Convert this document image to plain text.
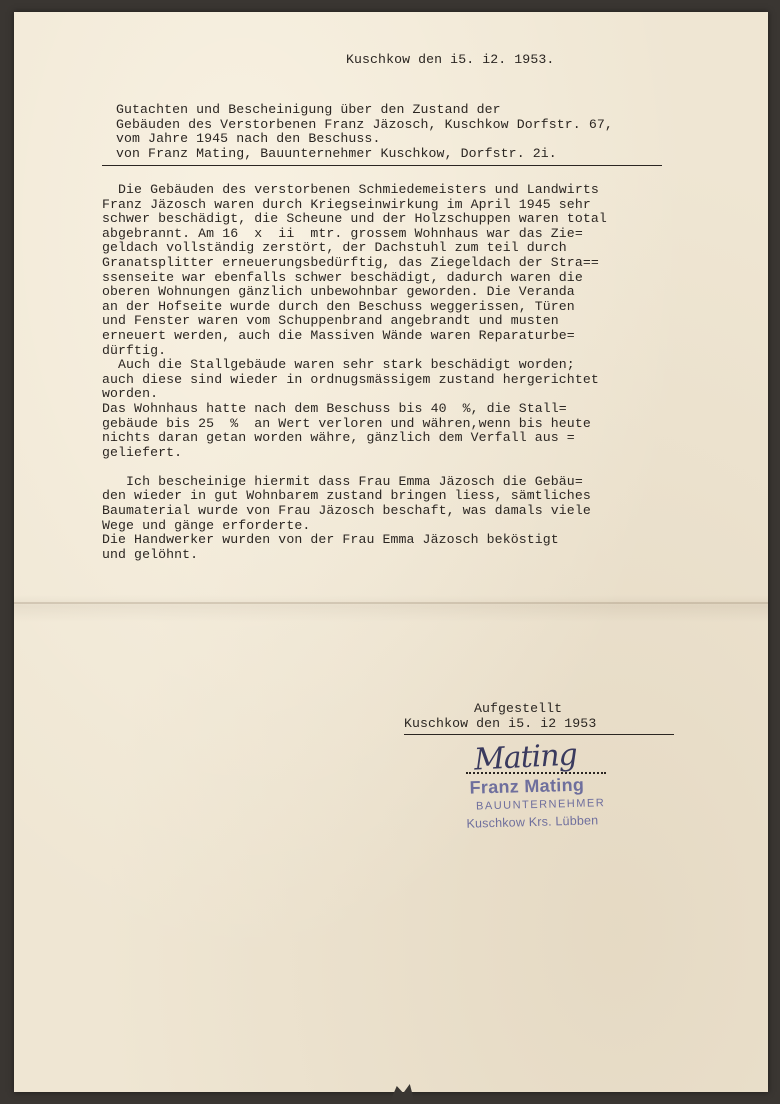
Kuschkow den i5. i2. 1953.

Gutachten und Bescheinigung über den Zustand der
Gebäuden des Verstorbenen Franz Jäzosch, Kuschkow Dorfstr. 67,
vom Jahre 1945 nach den Beschuss.

von Franz Mating, Bauunternehmer Kuschkow, Dorfstr. 2i.

Die Gebäuden des verstorbenen Schmiedemeisters und Landwirts
Franz Jäzosch waren durch Kriegseinwirkung im April 1945 sehr
schwer beschädigt, die Scheune und der Holzschuppen waren total
abgebrannt. Am 16  x  ii  mtr. grossem Wohnhaus war das Zie=
geldach vollständig zerstört, der Dachstuhl zum teil durch
Granatsplitter erneuerungsbedürftig, das Ziegeldach der Stra==
ssenseite war ebenfalls schwer beschädigt, dadurch waren die
oberen Wohnungen gänzlich unbewohnbar geworden. Die Veranda
an der Hofseite wurde durch den Beschuss weggerissen, Türen
und Fenster waren vom Schuppenbrand angebrandt und musten
erneuert werden, auch die Massiven Wände waren Reparaturbe=
dürftig.
Auch die Stallgebäude waren sehr stark beschädigt worden;
auch diese sind wieder in ordnugsmässigem zustand hergerichtet
worden.
Das Wohnhaus hatte nach dem Beschuss bis 40  %, die Stall=
gebäude bis 25  %  an Wert verloren und währen,wenn bis heute
nichts daran getan worden währe, gänzlich dem Verfall aus =
geliefert.

Ich bescheinige hiermit dass Frau Emma Jäzosch die Gebäu=
den wieder in gut Wohnbarem zustand bringen liess, sämtliches
Baumaterial wurde von Frau Jäzosch beschaft, was damals viele
Wege und gänge erforderte.
Die Handwerker wurden von der Frau Emma Jäzosch beköstigt
und gelöhnt.

Aufgestellt

Kuschkow den i5. i2 1953

Mating
Franz Mating
BAUUNTERNEHMER
Kuschkow Krs. Lübben
